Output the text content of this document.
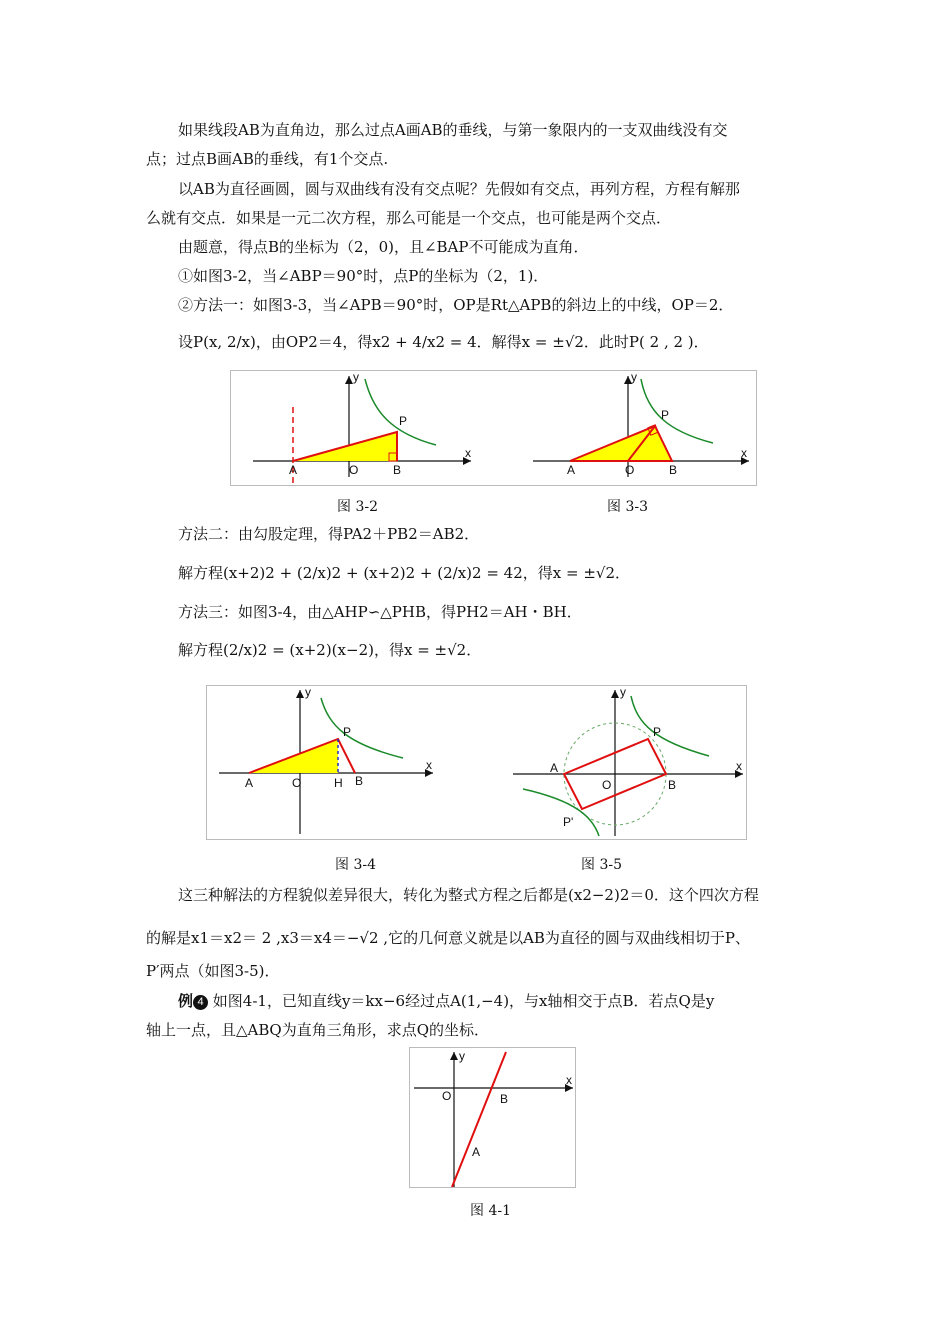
如果线段AB为直角边，那么过点A画AB的垂线，与第一象限内的一支双曲线没有交
点；过点B画AB的垂线，有1个交点.
以AB为直径画圆，圆与双曲线有没有交点呢？先假如有交点，再列方程，方程有解那
么就有交点．如果是一元二次方程，那么可能是一个交点，也可能是两个交点．
由题意，得点B的坐标为（2，0)，且∠BAP不可能成为直角．
①如图3-2，当∠ABP＝90°时，点P的坐标为（2，1)．
②方法一：如图3-3，当∠APB＝90°时，OP是Rt△APB的斜边上的中线，OP＝2．
设P(x, 2/x)，由OP2＝4，得x2 + 4/x2 = 4．解得x = ±√2．此时P( 2 , 2 )．
x
y
A	O	B
P
x
y
A	O	B
P
图 3-2	图 3-3
方法二：由勾股定理，得PA2＋PB2＝AB2．
解方程(x+2)2 + (2/x)2 + (x+2)2 + (2/x)2 = 42，得x = ±√2．
方法三：如图3-4，由△AHP∽△PHB，得PH2＝AH・BH．
解方程(2/x)2 = (x+2)(x−2)，得x = ±√2．
x
y
A	O	H B
P
x
y
A
O	B
P
P'
图 3-4	图 3-5
这三种解法的方程貌似差异很大，转化为整式方程之后都是(x2−2)2＝0．这个四次方程
的解是x1＝x2＝ 2 ,x3＝x4＝−√2 ,它的几何意义就是以AB为直径的圆与双曲线相切于P、
P′两点（如图3-5)．
例 4 如图4-1，已知直线y＝kx−6经过点A(1,−4)，与x轴相交于点B．若点Q是y
轴上一点，且△ABQ为直角三角形，求点Q的坐标．
x
y
O	B
A
图 4-1
